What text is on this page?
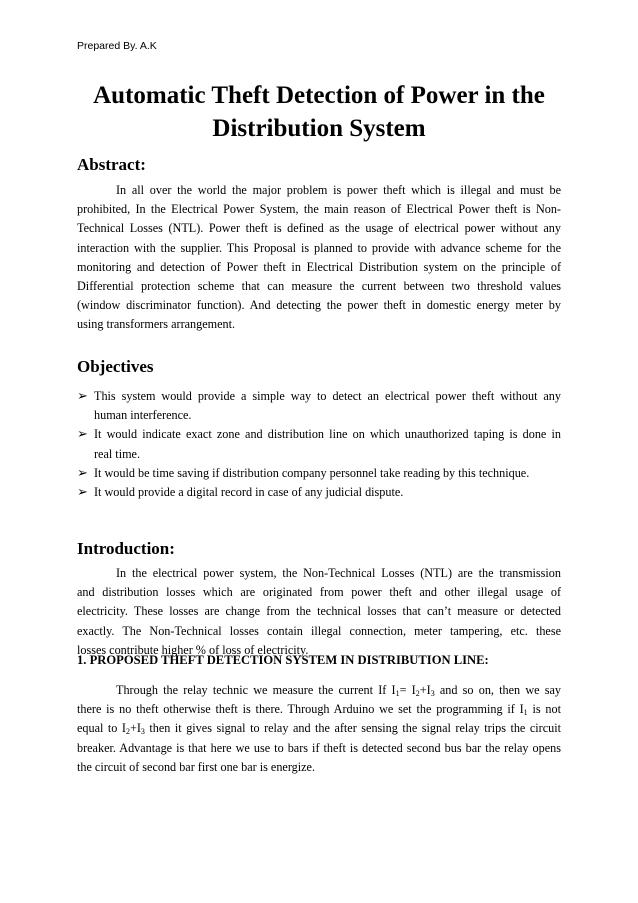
Prepared By. A.K
Automatic Theft Detection of Power in the
Distribution System
Abstract:
In all over the world the major problem is power theft which is illegal and must be
prohibited, In the Electrical Power System, the main reason of Electrical Power theft is Non-
Technical Losses (NTL). Power theft is defined as the usage of electrical power without any
interaction with the supplier. This Proposal is planned to provide with advance scheme for the
monitoring and detection of Power theft in Electrical Distribution system on the principle of
Differential protection scheme that can measure the current between two threshold values
(window discriminator function). And detecting the power theft in domestic energy meter by
using transformers arrangement.
Objectives
➢ This system would provide a simple way to detect an electrical power theft without any
human interference.
➢ It would indicate exact zone and distribution line on which unauthorized taping is done in
real time.
➢ It would be time saving if distribution company personnel take reading by this technique.
➢ It would provide a digital record in case of any judicial dispute.
Introduction:
In the electrical power system, the Non-Technical Losses (NTL) are the transmission
and distribution losses which are originated from power theft and other illegal usage of
electricity. These losses are change from the technical losses that can’t measure or detected
exactly. The Non-Technical losses contain illegal connection, meter tampering, etc. these
losses contribute higher % of loss of electricity.
1. PROPOSED THEFT DETECTION SYSTEM IN DISTRIBUTION LINE:
Through the relay technic we measure the current If $I_1= I_2+I_3$ and so on, then we say
there is no theft otherwise theft is there. Through Arduino we set the programming if $I_1$ is not
equal to $I_2+I_3$ then it gives signal to relay and the after sensing the signal relay trips the circuit
breaker. Advantage is that here we use to bars if theft is detected second bus bar the relay opens
the circuit of second bar first one bar is energize.
